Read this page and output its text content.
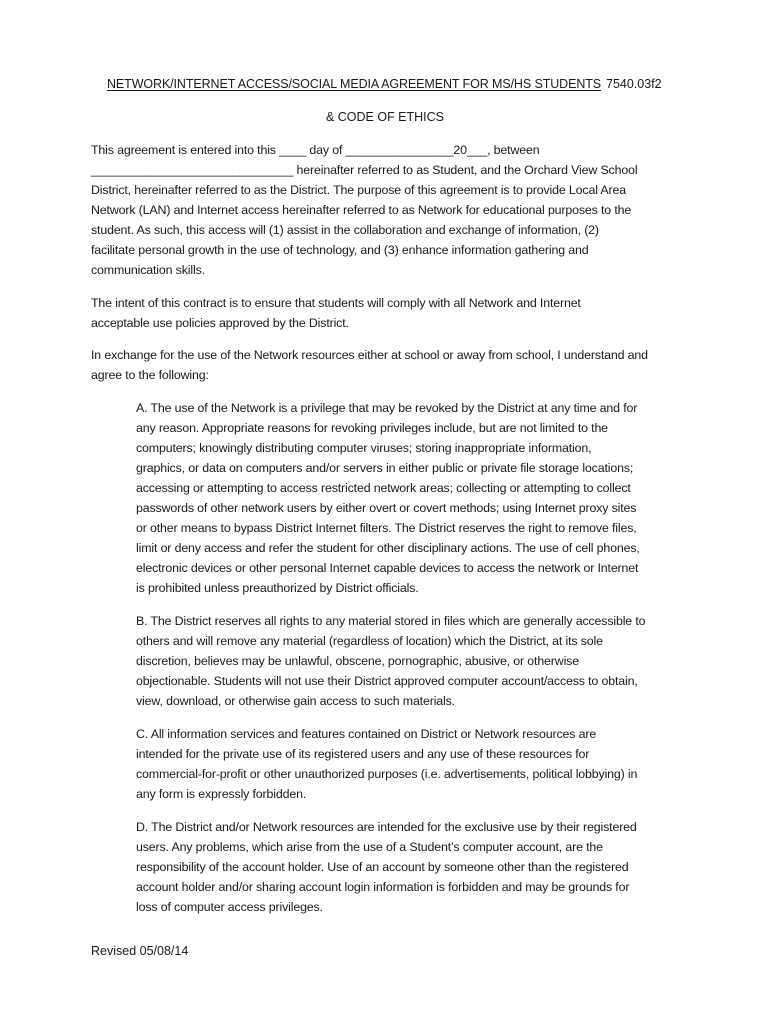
NETWORK/INTERNET ACCESS/SOCIAL MEDIA AGREEMENT FOR MS/HS STUDENTS 7540.03f2
& CODE OF ETHICS

This agreement is entered into this ____ day of ________________20___, between
______________________________ hereinafter referred to as Student, and the Orchard View School
District, hereinafter referred to as the District. The purpose of this agreement is to provide Local Area
Network (LAN) and Internet access hereinafter referred to as Network for educational purposes to the
student. As such, this access will (1) assist in the collaboration and exchange of information, (2)
facilitate personal growth in the use of technology, and (3) enhance information gathering and
communication skills.

The intent of this contract is to ensure that students will comply with all Network and Internet
acceptable use policies approved by the District.

In exchange for the use of the Network resources either at school or away from school, I understand and
agree to the following:

A. The use of the Network is a privilege that may be revoked by the District at any time and for
any reason. Appropriate reasons for revoking privileges include, but are not limited to the
computers; knowingly distributing computer viruses; storing inappropriate information,
graphics, or data on computers and/or servers in either public or private file storage locations;
accessing or attempting to access restricted network areas; collecting or attempting to collect
passwords of other network users by either overt or covert methods; using Internet proxy sites
or other means to bypass District Internet filters. The District reserves the right to remove files,
limit or deny access and refer the student for other disciplinary actions. The use of cell phones,
electronic devices or other personal Internet capable devices to access the network or Internet
is prohibited unless preauthorized by District officials.

B. The District reserves all rights to any material stored in files which are generally accessible to
others and will remove any material (regardless of location) which the District, at its sole
discretion, believes may be unlawful, obscene, pornographic, abusive, or otherwise
objectionable. Students will not use their District approved computer account/access to obtain,
view, download, or otherwise gain access to such materials.

C. All information services and features contained on District or Network resources are
intended for the private use of its registered users and any use of these resources for
commercial-for-profit or other unauthorized purposes (i.e. advertisements, political lobbying) in
any form is expressly forbidden.

D. The District and/or Network resources are intended for the exclusive use by their registered
users. Any problems, which arise from the use of a Student’s computer account, are the
responsibility of the account holder. Use of an account by someone other than the registered
account holder and/or sharing account login information is forbidden and may be grounds for
loss of computer access privileges.

Revised 05/08/14
